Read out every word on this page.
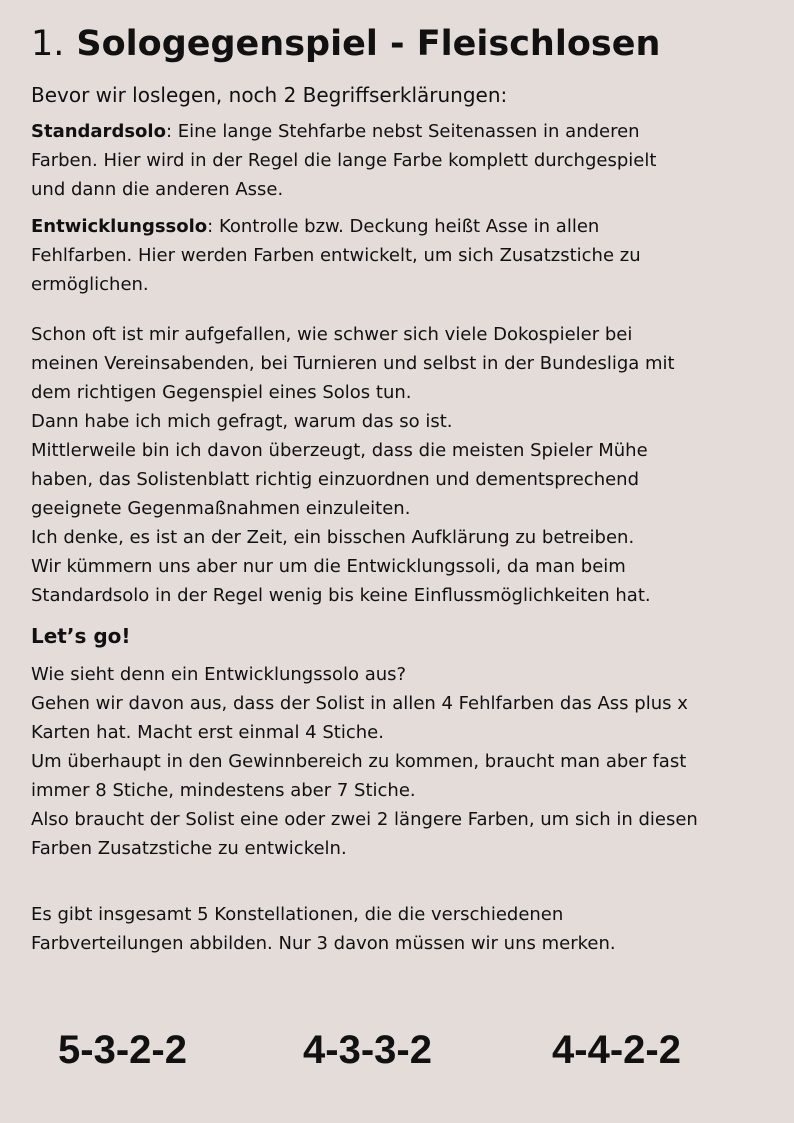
1. Sologegenspiel - Fleischlosen

Bevor wir loslegen, noch 2 Begriffserklärungen:

Standardsolo: Eine lange Stehfarbe nebst Seitenassen in anderen
Farben. Hier wird in der Regel die lange Farbe komplett durchgespielt
und dann die anderen Asse.
Entwicklungssolo: Kontrolle bzw. Deckung heißt Asse in allen
Fehlfarben. Hier werden Farben entwickelt, um sich Zusatzstiche zu
ermöglichen.
Schon oft ist mir aufgefallen, wie schwer sich viele Dokospieler bei
meinen Vereinsabenden, bei Turnieren und selbst in der Bundesliga mit
dem richtigen Gegenspiel eines Solos tun.
Dann habe ich mich gefragt, warum das so ist.
Mittlerweile bin ich davon überzeugt, dass die meisten Spieler Mühe
haben, das Solistenblatt richtig einzuordnen und dementsprechend
geeignete Gegenmaßnahmen einzuleiten.
Ich denke, es ist an der Zeit, ein bisschen Aufklärung zu betreiben.
Wir kümmern uns aber nur um die Entwicklungssoli, da man beim
Standardsolo in der Regel wenig bis keine Einflussmöglichkeiten hat.
Let’s go!
Wie sieht denn ein Entwicklungssolo aus?
Gehen wir davon aus, dass der Solist in allen 4 Fehlfarben das Ass plus x
Karten hat. Macht erst einmal 4 Stiche.
Um überhaupt in den Gewinnbereich zu kommen, braucht man aber fast
immer 8 Stiche, mindestens aber 7 Stiche.
Also braucht der Solist eine oder zwei 2 längere Farben, um sich in diesen
Farben Zusatzstiche zu entwickeln.
Es gibt insgesamt 5 Konstellationen, die die verschiedenen
Farbverteilungen abbilden. Nur 3 davon müssen wir uns merken.
5-3-2-2	4-3-3-2	4-4-2-2
